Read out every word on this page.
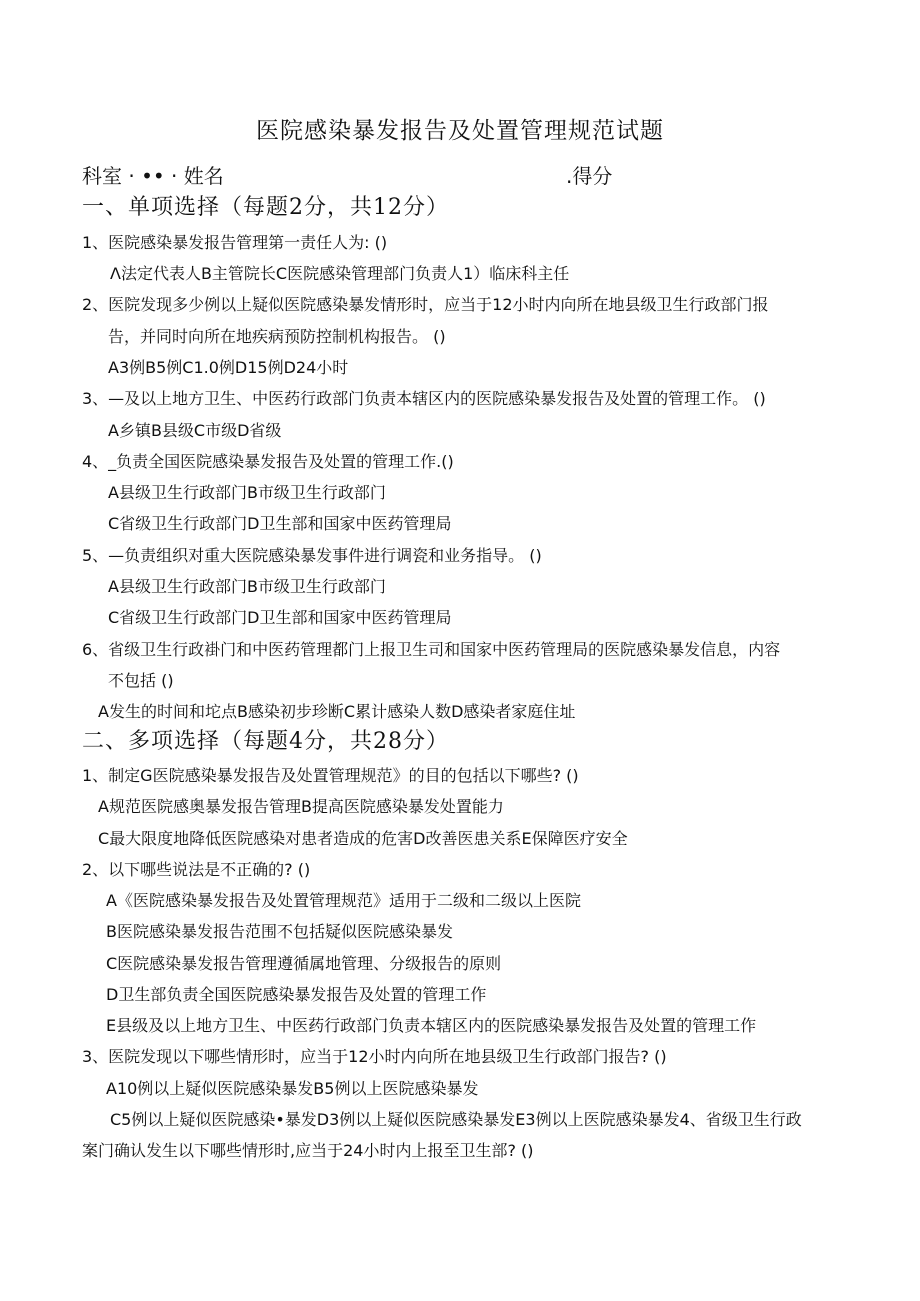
医院感染暴发报告及处置管理规范试题
科室 · •• · 姓名	.得分
一、单项选择（每题2分，共12分）
1、医院感染暴发报告管理第一责任人为: ()
Λ法定代表人B主管院长C医院感染管理部门负责人1）临床科主任
2、医院发现多少例以上疑似医院感染暴发情形时，应当于12小时内向所在地县级卫生行政部门报
告，并同时向所在地疾病预防控制机构报告。 ()
A3例B5例C1.0例D15例D24小时
3、—及以上地方卫生、中医药行政部门负责本辖区内的医院感染暴发报告及处置的管理工作。 ()
A乡镇B县级C市级D省级
4、_负责全国医院感染暴发报告及处置的管理工作.()
A县级卫生行政部门B市级卫生行政部门
C省级卫生行政部门D卫生部和国家中医药管理局
5、—负责组织对重大医院感染暴发事件进行调瓷和业务指导。 ()
A县级卫生行政部门B市级卫生行政部门
C省级卫生行政部门D卫生部和国家中医药管理局
6、省级卫生行政褂门和中医药管理都门上报卫生司和国家中医药管理局的医院感染暴发信息，内容
不包括 ()
A发生的时间和坨点B感染初步珍断C累计感染人数D感染者家庭住址
二、多项选择（每题4分，共28分）
1、制定G医院感染暴发报告及处置管理规范》的目的包括以下哪些? ()
A规范医院感奥暴发报告管理B提高医院感染暴发处置能力
C最大限度地降低医院感染对患者造成的危害D改善医患关系E保障医疗安全
2、以下哪些说法是不正确的? ()
A《医院感染暴发报告及处置管理规范》适用于二级和二级以上医院
B医院感染暴发报告范围不包括疑似医院感染暴发
C医院感染暴发报告管理遵循属地管理、分级报告的原则
D卫生部负责全国医院感染暴发报告及处置的管理工作
E县级及以上地方卫生、中医药行政部门负责本辖区内的医院感染暴发报告及处置的管理工作
3、医院发现以下哪些情形时，应当于12小时内向所在地县级卫生行政部门报告? ()
A10例以上疑似医院感染暴发B5例以上医院感染暴发
C5例以上疑似医院感染•暴发D3例以上疑似医院感染暴发E3例以上医院感染暴发4、省级卫生行政
案门确认发生以下哪些情形时,应当于24小时内上报至卫生部? ()
